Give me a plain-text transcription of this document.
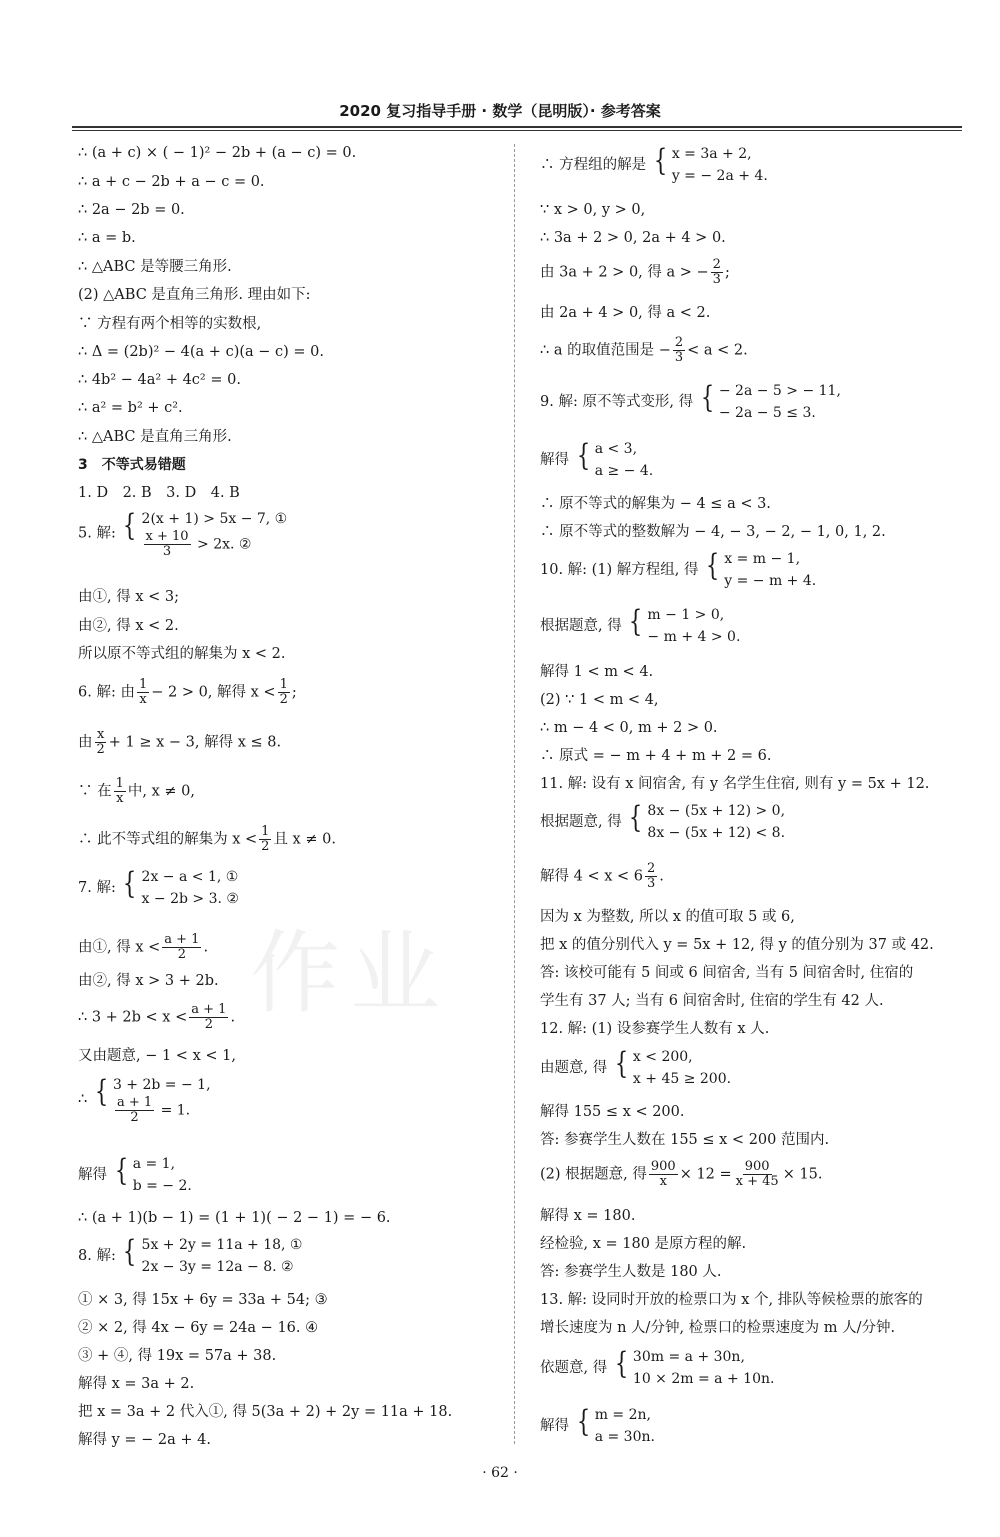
作业
2020 复习指导手册 · 数学（昆明版）· 参考答案
∴ (a + c) × ( − 1)² − 2b + (a − c) = 0.
∴ a + c − 2b + a − c = 0.
∴ 2a − 2b = 0.
∴ a = b.
∴ △ABC 是等腰三角形.
(2) △ABC 是直角三角形. 理由如下:
∵ 方程有两个相等的实数根,
∴ Δ = (2b)² − 4(a + c)(a − c) = 0.
∴ 4b² − 4a² + 4c² = 0.
∴ a² = b² + c².
∴ △ABC 是直角三角形.
3　不等式易错题
1. D　2. B　3. D　4. B
5. 解: { 2(x + 1) > 5x − 7, ①
$\frac{x + 10}{3} > 2x$. ②
由①, 得 x < 3;
由②, 得 x < 2.
所以原不等式组的解集为 x < 2.
6. 解: 由 $\frac{1}{x} - 2 > 0$, 解得 $x < \frac{1}{2}$ ;
由 $\frac{x}{2} + 1 \ge x - 3$, 解得 x ≤ 8.
∵ 在 $\frac{1}{x}$ 中, x ≠ 0,
∴ 此不等式组的解集为 $x < \frac{1}{2}$ 且 x ≠ 0.
7. 解: { 2x − a < 1, ①
x − 2b > 3. ②
由①, 得 $x < \frac{a + 1}{2}$ .
由②, 得 x > 3 + 2b.
∴ $3 + 2b < x < \frac{a + 1}{2}$ .
又由题意, − 1 < x < 1,
∴ { 3 + 2b = − 1,
$\frac{a + 1}{2} = 1$.
解得 { a = 1,
b = − 2.
∴ (a + 1)(b − 1) = (1 + 1)( − 2 − 1) = − 6.
8. 解: { 5x + 2y = 11a + 18, ①
2x − 3y = 12a − 8. ②
① × 3, 得 15x + 6y = 33a + 54; ③
② × 2, 得 4x − 6y = 24a − 16. ④
③ + ④, 得 19x = 57a + 38.
解得 x = 3a + 2.
把 x = 3a + 2 代入①, 得 5(3a + 2) + 2y = 11a + 18.
解得 y = − 2a + 4.
∴ 方程组的解是 { x = 3a + 2,
y = − 2a + 4.
∵ x > 0, y > 0,
∴ 3a + 2 > 0, 2a + 4 > 0.
由 3a + 2 > 0, 得 a > − $\frac{2}{3}$ ;
由 2a + 4 > 0, 得 a < 2.
∴ a 的取值范围是 − $\frac{2}{3} < a < 2$.
9. 解: 原不等式变形, 得 { − 2a − 5 > − 11,
− 2a − 5 ≤ 3.
解得 { a < 3,
a ≥ − 4.
∴ 原不等式的解集为 − 4 ≤ a < 3.
∴ 原不等式的整数解为 − 4, − 3, − 2, − 1, 0, 1, 2.
10. 解: (1) 解方程组, 得 { x = m − 1,
y = − m + 4.
根据题意, 得 { m − 1 > 0,
− m + 4 > 0.
解得 1 < m < 4.
(2) ∵ 1 < m < 4,
∴ m − 4 < 0, m + 2 > 0.
∴ 原式 = − m + 4 + m + 2 = 6.
11. 解: 设有 x 间宿舍, 有 y 名学生住宿, 则有 y = 5x + 12.
根据题意, 得 { 8x − (5x + 12) > 0,
8x − (5x + 12) < 8.
解得 $4 < x < 6 \frac{2}{3}$ .
因为 x 为整数, 所以 x 的值可取 5 或 6,
把 x 的值分别代入 y = 5x + 12, 得 y 的值分别为 37 或 42.
答: 该校可能有 5 间或 6 间宿舍, 当有 5 间宿舍时, 住宿的
学生有 37 人; 当有 6 间宿舍时, 住宿的学生有 42 人.
12. 解: (1) 设参赛学生人数有 x 人.
由题意, 得 { x < 200,
x + 45 ≥ 200.
解得 155 ≤ x < 200.
答: 参赛学生人数在 155 ≤ x < 200 范围内.
(2) 根据题意, 得 $\frac{900}{x} \times 12 = \frac{900}{x + 45} \times 15$.
解得 x = 180.
经检验, x = 180 是原方程的解.
答: 参赛学生人数是 180 人.
13. 解: 设同时开放的检票口为 x 个, 排队等候检票的旅客的
增长速度为 n 人/分钟, 检票口的检票速度为 m 人/分钟.
依题意, 得 { 30m = a + 30n,
10 × 2m = a + 10n.
解得 { m = 2n,
a = 30n.
· 62 ·
